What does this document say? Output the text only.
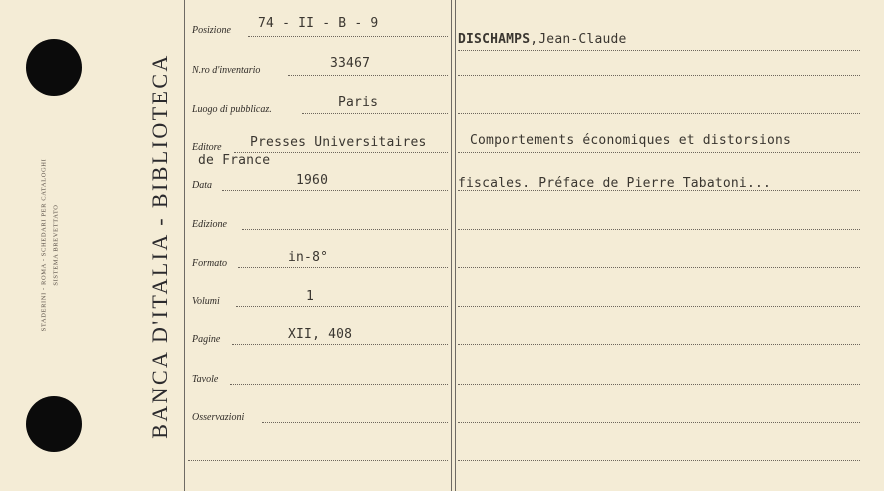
STADERINI - ROMA - SCHEDARI PER CATALOGHI SISTEMA BREVETTATO	BANCA D'ITALIA - BIBLIOTECA
Posizione 74 - II - B - 9
N.ro d'inventario	33467
Luogo di pubblicaz.	Paris
Editore Presses Universitaires
de France
Data	1960
Edizione
Formato	in-8°
Volumi	1
Pagine	XII, 408
Tavole
Osservazioni
DISCHAMPS,Jean-Claude
Comportements économiques et distorsions
fiscales. Préface de Pierre Tabatoni...
